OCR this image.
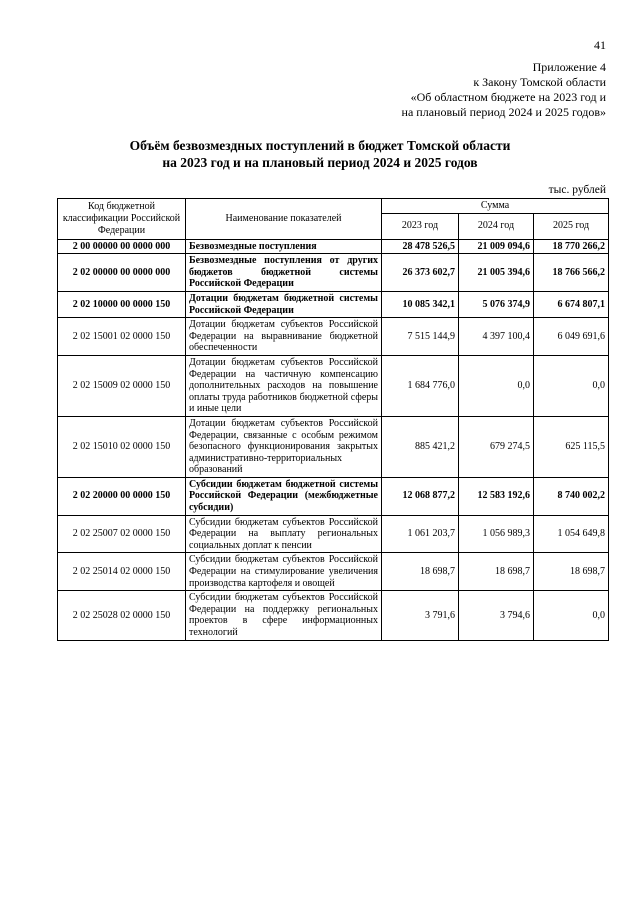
41
Приложение 4
к Закону Томской области
«Об областном бюджете на 2023 год и
на плановый период 2024 и 2025 годов»
Объём безвозмездных поступлений в бюджет Томской области
на 2023 год и на плановый период 2024 и 2025 годов
тыс. рублей
Код бюджетной классификации Российской Федерации	Наименование показателей	Сумма		
		2023 год	2024 год	2025 год
2 00 00000 00 0000 000	Безвозмездные поступления	28 478 526,5	21 009 094,6	18 770 266,2
2 02 00000 00 0000 000	Безвозмездные поступления от других бюджетов бюджетной системы Российской Федерации	26 373 602,7	21 005 394,6	18 766 566,2
2 02 10000 00 0000 150	Дотации бюджетам бюджетной системы Российской Федерации	10 085 342,1	5 076 374,9	6 674 807,1
2 02 15001 02 0000 150	Дотации бюджетам субъектов Российской Федерации на выравнивание бюджетной обеспеченности	7 515 144,9	4 397 100,4	6 049 691,6
2 02 15009 02 0000 150	Дотации бюджетам субъектов Российской Федерации на частичную компенсацию дополнительных расходов на повышение оплаты труда работников бюджетной сферы и иные цели	1 684 776,0	0,0	0,0
2 02 15010 02 0000 150	Дотации бюджетам субъектов Российской Федерации, связанные с особым режимом безопасного функционирования закрытых административно-территориальных образований	885 421,2	679 274,5	625 115,5
2 02 20000 00 0000 150	Субсидии бюджетам бюджетной системы Российской Федерации (межбюджетные субсидии)	12 068 877,2	12 583 192,6	8 740 002,2
2 02 25007 02 0000 150	Субсидии бюджетам субъектов Российской Федерации на выплату региональных социальных доплат к пенсии	1 061 203,7	1 056 989,3	1 054 649,8
2 02 25014 02 0000 150	Субсидии бюджетам субъектов Российской Федерации на стимулирование увеличения производства картофеля и овощей	18 698,7	18 698,7	18 698,7
2 02 25028 02 0000 150	Субсидии бюджетам субъектов Российской Федерации на поддержку региональных проектов в сфере информационных технологий	3 791,6	3 794,6	0,0
